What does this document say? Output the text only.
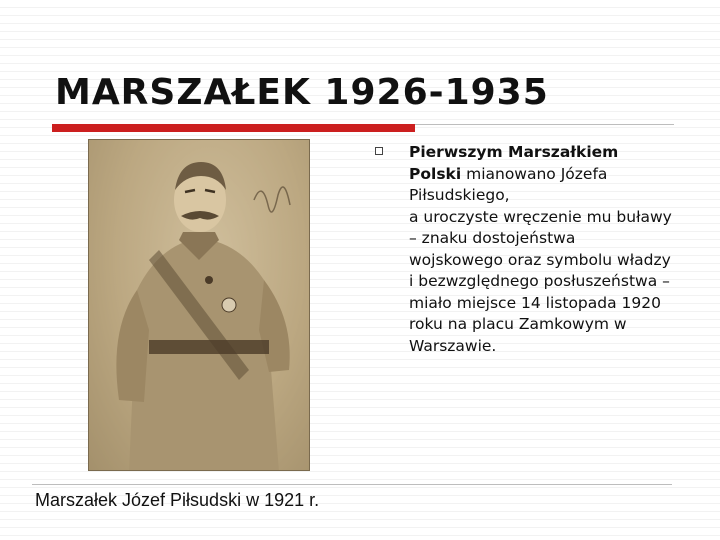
MARSZAŁEK 1926-1935

Marszałek Józef Piłsudski w 1921 r.

Pierwszym Marszałkiem Polski mianowano Józefa Piłsudskiego,
a uroczyste wręczenie mu buławy – znaku dostojeństwa wojskowego oraz symbolu władzy i bezwzględnego posłuszeństwa – miało miejsce 14 listopada 1920 roku na placu Zamkowym w Warszawie.
